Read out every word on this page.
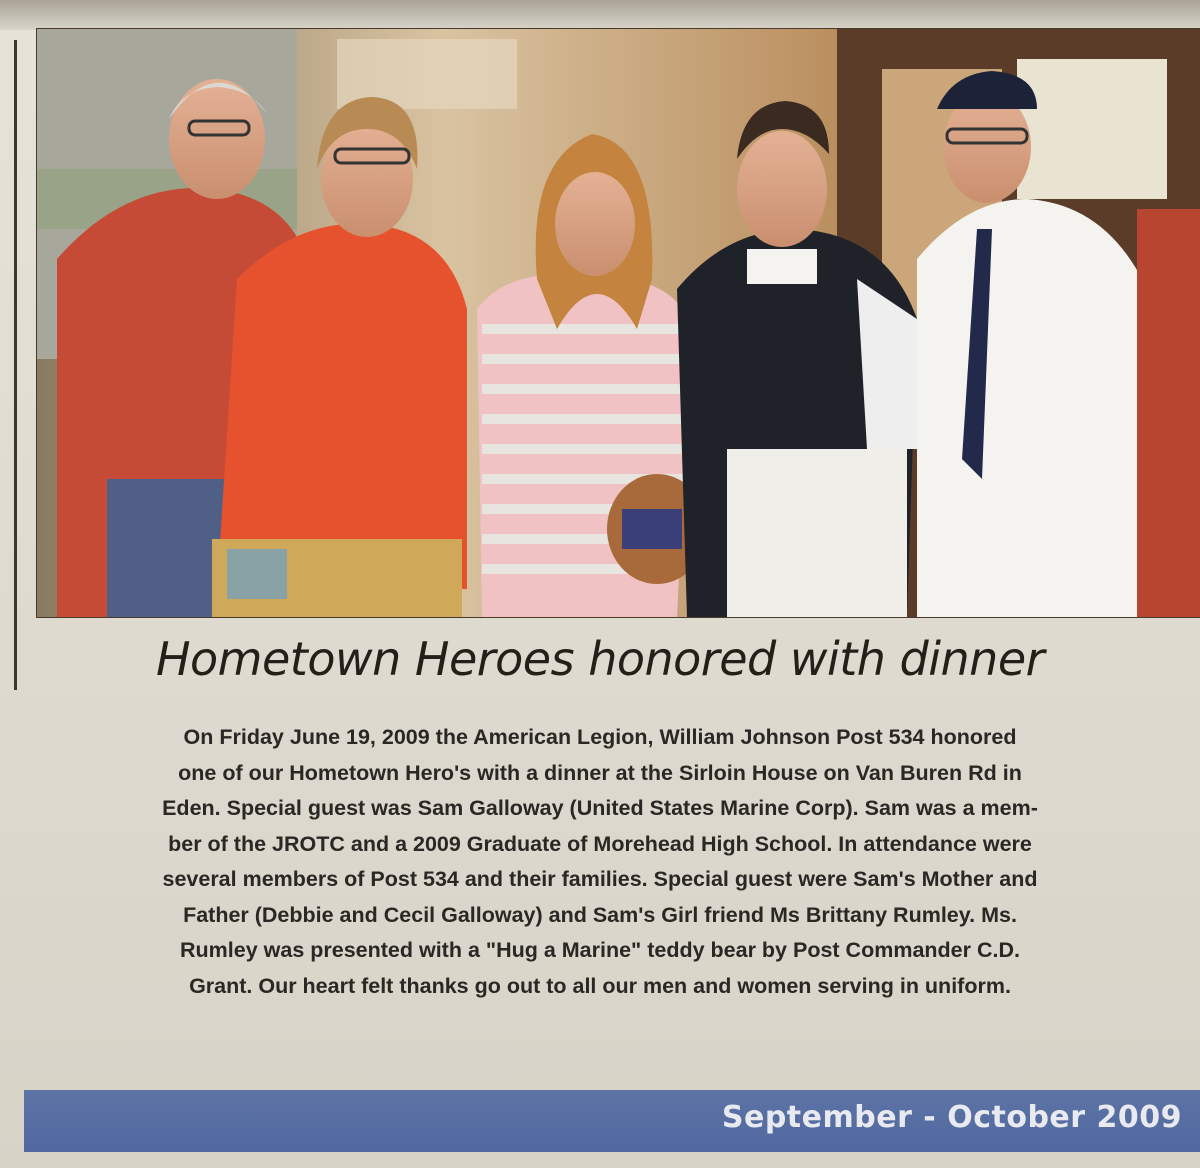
Hometown Heroes honored with dinner
On Friday June 19, 2009 the American Legion, William Johnson Post 534 honored
one of our Hometown Hero's with a dinner at the Sirloin House on Van Buren Rd in
Eden. Special guest was Sam Galloway (United States Marine Corp). Sam was a mem-
ber of the JROTC and a 2009 Graduate of Morehead High School. In attendance were
several members of Post 534 and their families. Special guest were Sam's Mother and
Father (Debbie and Cecil Galloway) and Sam's Girl friend Ms Brittany Rumley. Ms.
Rumley was presented with a "Hug a Marine" teddy bear by Post Commander C.D.
Grant. Our heart felt thanks go out to all our men and women serving in uniform.
September - October 2009
